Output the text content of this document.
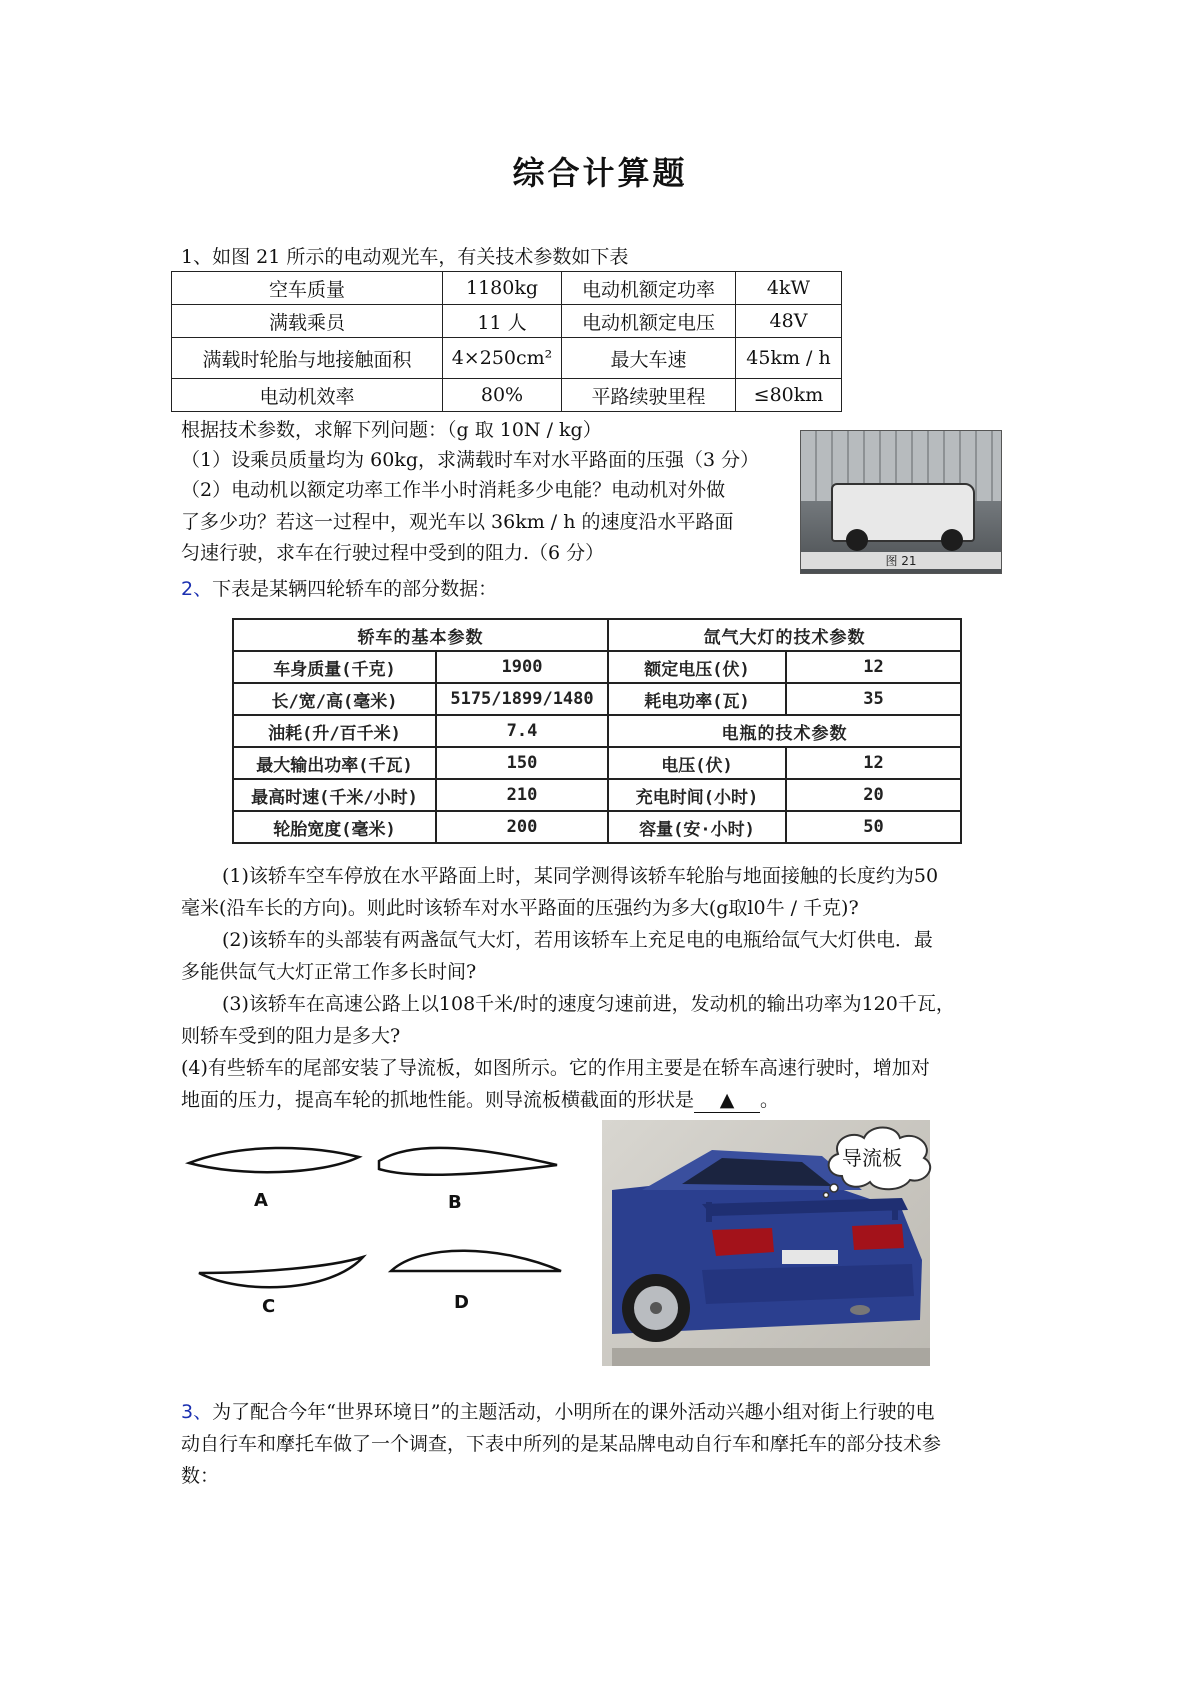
综合计算题
1、如图 21 所示的电动观光车，有关技术参数如下表
空车质量	1180kg	电动机额定功率	4kW
满载乘员	11 人	电动机额定电压	48V
满载时轮胎与地接触面积	4×250cm²	最大车速	45km / h
电动机效率	80%	平路续驶里程	≤80km
根据技术参数，求解下列问题：（g 取 10N / kg）
（1）设乘员质量均为 60kg，求满载时车对水平路面的压强（3 分）
（2）电动机以额定功率工作半小时消耗多少电能？电动机对外做
了多少功？若这一过程中，观光车以 36km / h 的速度沿水平路面
匀速行驶，求车在行驶过程中受到的阻力.（6 分）	图 21
2、下表是某辆四轮轿车的部分数据：
轿车的基本参数		氙气大灯的技术参数	
车身质量(千克)	1900	额定电压(伏)	12
长/宽/高(毫米)	5175/1899/1480	耗电功率(瓦)	35
油耗(升/百千米)	7.4	电瓶的技术参数	
最大输出功率(千瓦)	150	电压(伏)	12
最高时速(千米/小时)	210	充电时间(小时)	20
轮胎宽度(毫米)	200	容量(安·小时)	50
(1)该轿车空车停放在水平路面上时，某同学测得该轿车轮胎与地面接触的长度约为50
毫米(沿车长的方向)。则此时该轿车对水平路面的压强约为多大(g取l0牛 / 千克)?
(2)该轿车的头部装有两盏氙气大灯，若用该轿车上充足电的电瓶给氙气大灯供电．最
多能供氙气大灯正常工作多长时间?
(3)该轿车在高速公路上以108千米/时的速度匀速前进，发动机的输出功率为120千瓦，
则轿车受到的阻力是多大?
(4)有些轿车的尾部安装了导流板，如图所示。它的作用主要是在轿车高速行驶时，增加对
地面的压力，提高车轮的抓地性能。则导流板横截面的形状是 ▲ 。
A	B
C	D
导流板
3、为了配合今年“世界环境日”的主题活动，小明所在的课外活动兴趣小组对街上行驶的电
动自行车和摩托车做了一个调查，下表中所列的是某品牌电动自行车和摩托车的部分技术参
数：
